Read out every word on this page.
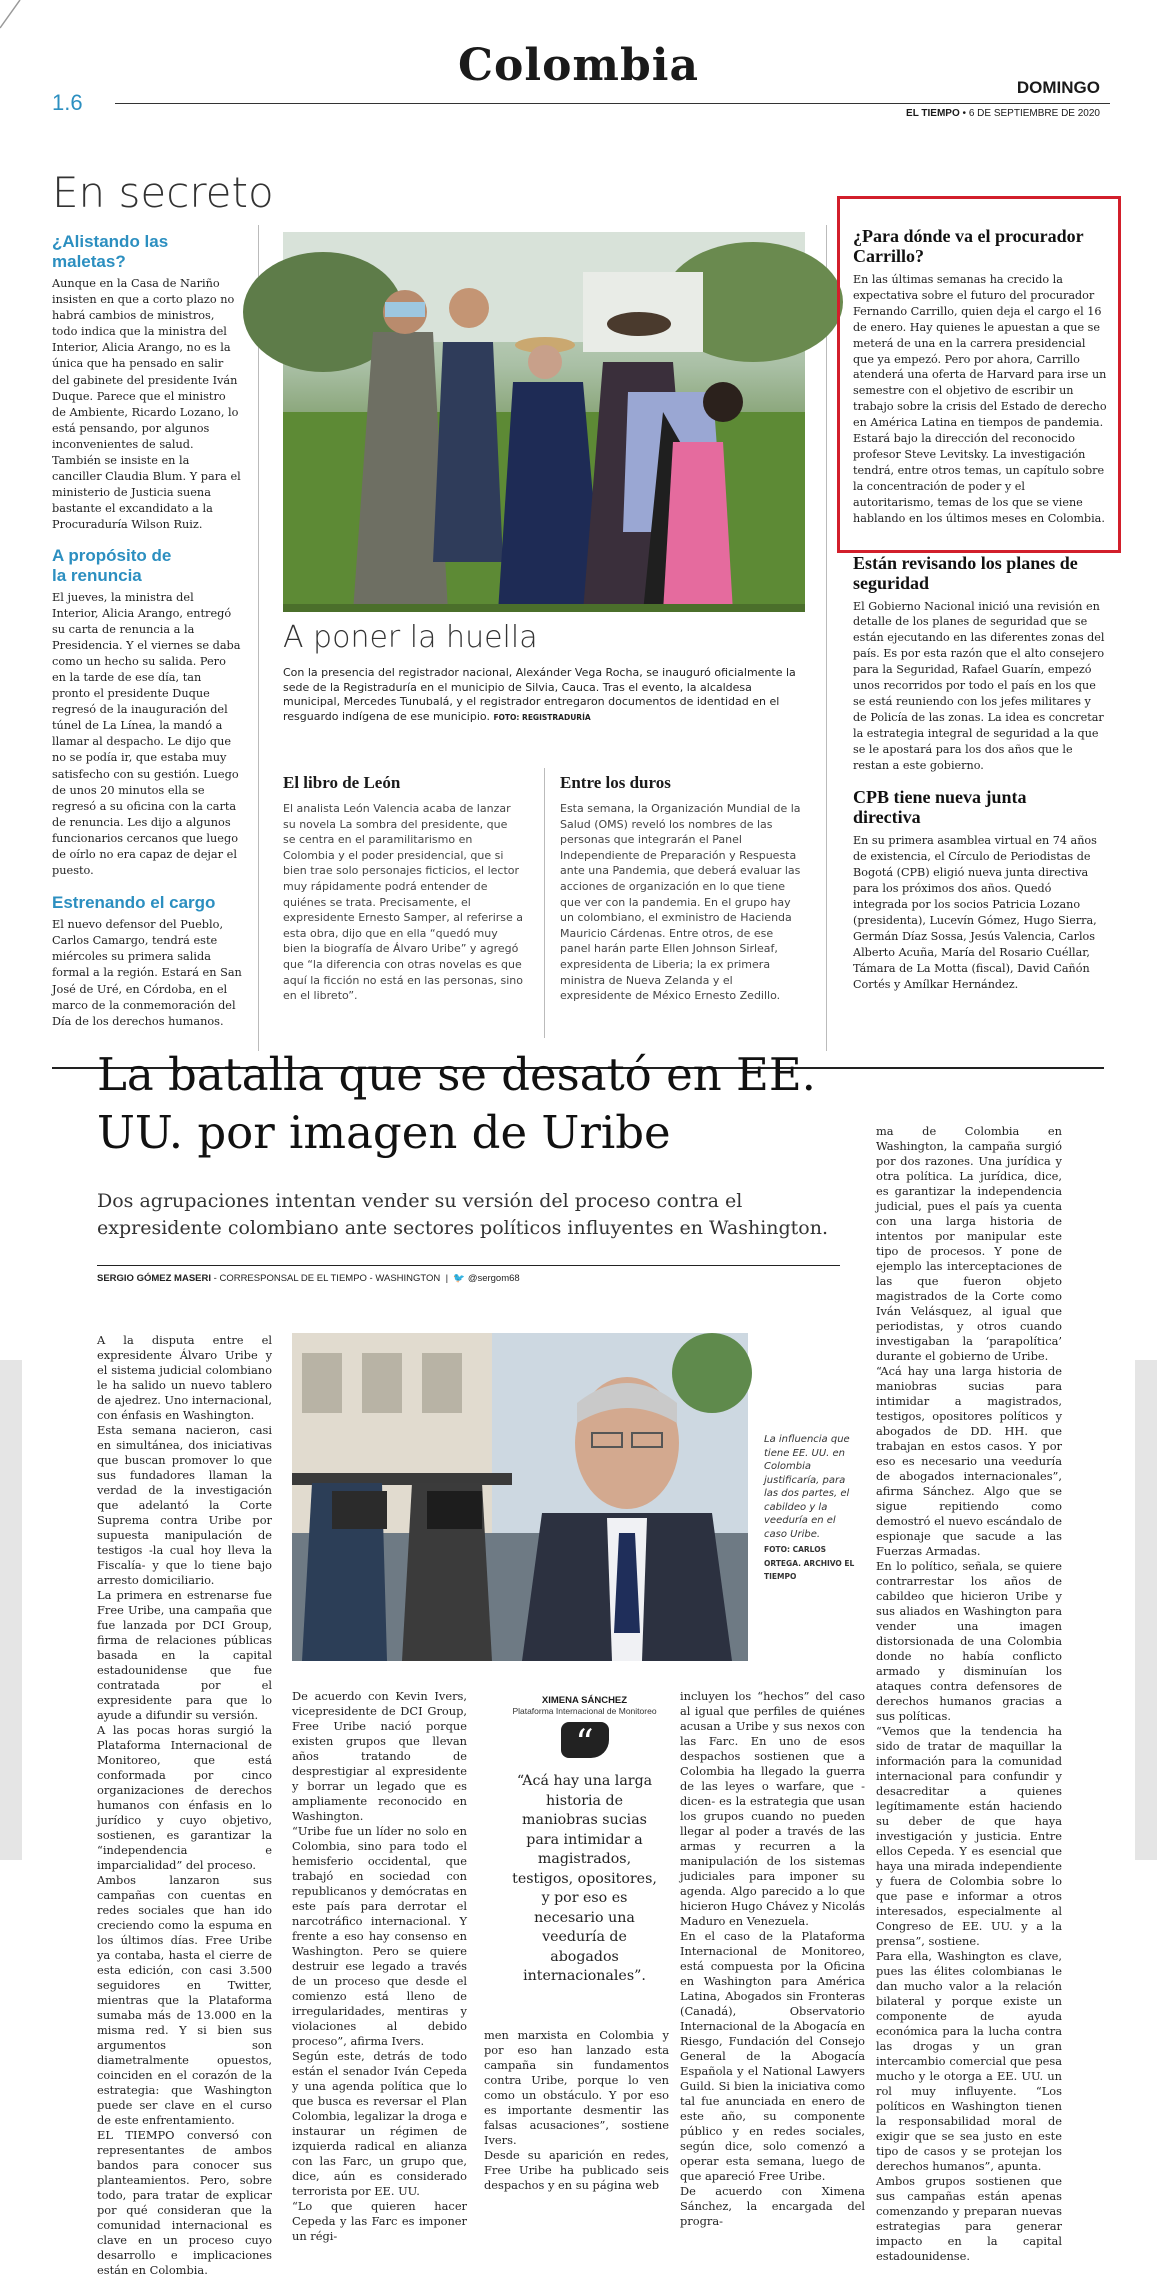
Colombia
1.6
DOMINGO
EL TIEMPO • 6 DE SEPTIEMBRE DE 2020
En secreto
¿Alistando las maletas?
Aunque en la Casa de Nariño insisten en que a corto plazo no habrá cambios de ministros, todo indica que la ministra del Interior, Alicia Arango, no es la única que ha pensado en salir del gabinete del presidente Iván Duque. Parece que el ministro de Ambiente, Ricardo Lozano, lo está pensando, por algunos inconvenientes de salud. También se insiste en la canciller Claudia Blum. Y para el ministerio de Justicia suena bastante el excandidato a la Procuraduría Wilson Ruiz.
A propósito de la renuncia
El jueves, la ministra del Interior, Alicia Arango, entregó su carta de renuncia a la Presidencia. Y el viernes se daba como un hecho su salida. Pero en la tarde de ese día, tan pronto el presidente Duque regresó de la inauguración del túnel de La Línea, la mandó a llamar al despacho. Le dijo que no se podía ir, que estaba muy satisfecho con su gestión. Luego de unos 20 minutos ella se regresó a su oficina con la carta de renuncia. Les dijo a algunos funcionarios cercanos que luego de oírlo no era capaz de dejar el puesto.
Estrenando el cargo
El nuevo defensor del Pueblo, Carlos Camargo, tendrá este miércoles su primera salida formal a la región. Estará en San José de Uré, en Córdoba, en el marco de la conmemoración del Día de los derechos humanos.
A poner la huella
Con la presencia del registrador nacional, Alexánder Vega Rocha, se inauguró oficialmente la sede de la Registraduría en el municipio de Silvia, Cauca. Tras el evento, la alcaldesa municipal, Mercedes Tunubalá, y el registrador entregaron documentos de identidad en el resguardo indígena de ese municipio. FOTO: REGISTRADURÍA
El libro de León
El analista León Valencia acaba de lanzar su novela La sombra del presidente, que se centra en el paramilitarismo en Colombia y el poder presidencial, que si bien trae solo personajes ficticios, el lector muy rápidamente podrá entender de quiénes se trata. Precisamente, el expresidente Ernesto Samper, al referirse a esta obra, dijo que en ella “quedó muy bien la biografía de Álvaro Uribe” y agregó que “la diferencia con otras novelas es que aquí la ficción no está en las personas, sino en el libreto”.
Entre los duros
Esta semana, la Organización Mundial de la Salud (OMS) reveló los nombres de las personas que integrarán el Panel Independiente de Preparación y Respuesta ante una Pandemia, que deberá evaluar las acciones de organización en lo que tiene que ver con la pandemia. En el grupo hay un colombiano, el exministro de Hacienda Mauricio Cárdenas. Entre otros, de ese panel harán parte Ellen Johnson Sirleaf, expresidenta de Liberia; la ex primera ministra de Nueva Zelanda y el expresidente de México Ernesto Zedillo.
¿Para dónde va el procurador Carrillo?
En las últimas semanas ha crecido la expectativa sobre el futuro del procurador Fernando Carrillo, quien deja el cargo el 16 de enero. Hay quienes le apuestan a que se meterá de una en la carrera presidencial que ya empezó. Pero por ahora, Carrillo atenderá una oferta de Harvard para irse un semestre con el objetivo de escribir un trabajo sobre la crisis del Estado de derecho en América Latina en tiempos de pandemia. Estará bajo la dirección del reconocido profesor Steve Levitsky. La investigación tendrá, entre otros temas, un capítulo sobre la concentración de poder y el autoritarismo, temas de los que se viene hablando en los últimos meses en Colombia.
Están revisando los planes de seguridad
El Gobierno Nacional inició una revisión en detalle de los planes de seguridad que se están ejecutando en las diferentes zonas del país. Es por esta razón que el alto consejero para la Seguridad, Rafael Guarín, empezó unos recorridos por todo el país en los que se está reuniendo con los jefes militares y de Policía de las zonas. La idea es concretar la estrategia integral de seguridad a la que se le apostará para los dos años que le restan a este gobierno.
CPB tiene nueva junta directiva
En su primera asamblea virtual en 74 años de existencia, el Círculo de Periodistas de Bogotá (CPB) eligió nueva junta directiva para los próximos dos años. Quedó integrada por los socios Patricia Lozano (presidenta), Lucevín Gómez, Hugo Sierra, Germán Díaz Sossa, Jesús Valencia, Carlos Alberto Acuña, María del Rosario Cuéllar, Támara de La Motta (fiscal), David Cañón Cortés y Amílkar Hernández.
La batalla que se desató en EE. UU. por imagen de Uribe
Dos agrupaciones intentan vender su versión del proceso contra el expresidente colombiano ante sectores políticos influyentes en Washington.
SERGIO GÓMEZ MASERI - CORRESPONSAL DE EL TIEMPO - WASHINGTON  |  🐦 @sergom68
A la disputa entre el expresidente Álvaro Uribe y el sistema judicial colombiano le ha salido un nuevo tablero de ajedrez. Uno internacional, con énfasis en Washington.
Esta semana nacieron, casi en simultánea, dos iniciativas que buscan promover lo que sus fundadores llaman la verdad de la investigación que adelantó la Corte Suprema contra Uribe por supuesta manipulación de testigos -la cual hoy lleva la Fiscalía- y que lo tiene bajo arresto domiciliario.
La primera en estrenarse fue Free Uribe, una campaña que fue lanzada por DCI Group, firma de relaciones públicas basada en la capital estadounidense que fue contratada por el expresidente para que lo ayude a difundir su versión.
A las pocas horas surgió la Plataforma Internacional de Monitoreo, que está conformada por cinco organizaciones de derechos humanos con énfasis en lo jurídico y cuyo objetivo, sostienen, es garantizar la “independencia e imparcialidad” del proceso.
Ambos lanzaron sus campañas con cuentas en redes sociales que han ido creciendo como la espuma en los últimos días. Free Uribe ya contaba, hasta el cierre de esta edición, con casi 3.500 seguidores en Twitter, mientras que la Plataforma sumaba más de 13.000 en la misma red. Y si bien sus argumentos son diametralmente opuestos, coinciden en el corazón de la estrategia: que Washington puede ser clave en el curso de este enfrentamiento.
EL TIEMPO conversó con representantes de ambos bandos para conocer sus planteamientos. Pero, sobre todo, para tratar de explicar por qué consideran que la comunidad internacional es clave en un proceso cuyo desarrollo e implicaciones están en Colombia.
La influencia que tiene EE. UU. en Colombia justificaría, para las dos partes, el cabildeo y la veeduría en el caso Uribe.
FOTO: CARLOS ORTEGA. ARCHIVO EL TIEMPO
De acuerdo con Kevin Ivers, vicepresidente de DCI Group, Free Uribe nació porque existen grupos que llevan años tratando de desprestigiar al expresidente y borrar un legado que es ampliamente reconocido en Washington.
“Uribe fue un líder no solo en Colombia, sino para todo el hemisferio occidental, que trabajó en sociedad con republicanos y demócratas en este país para derrotar el narcotráfico internacional. Y frente a eso hay consenso en Washington. Pero se quiere destruir ese legado a través de un proceso que desde el comienzo está lleno de irregularidades, mentiras y violaciones al debido proceso”, afirma Ivers.
Según este, detrás de todo están el senador Iván Cepeda y una agenda política que lo que busca es reversar el Plan Colombia, legalizar la droga e instaurar un régimen de izquierda radical en alianza con las Farc, un grupo que, dice, aún es considerado terrorista por EE. UU.
“Lo que quieren hacer Cepeda y las Farc es imponer un régi-
XIMENA SÁNCHEZ
Plataforma Internacional de Monitoreo
“
“Acá hay una larga historia de maniobras sucias para intimidar a magistrados, testigos, opositores, y por eso es necesario una veeduría de abogados internacionales”.
men marxista en Colombia y por eso han lanzado esta campaña sin fundamentos contra Uribe, porque lo ven como un obstáculo. Y por eso es importante desmentir las falsas acusaciones”, sostiene Ivers.
Desde su aparición en redes, Free Uribe ha publicado seis despachos y en su página web
incluyen los “hechos” del caso al igual que perfiles de quiénes acusan a Uribe y sus nexos con las Farc. En uno de esos despachos sostienen que a Colombia ha llegado la guerra de las leyes o warfare, que -dicen- es la estrategia que usan los grupos cuando no pueden llegar al poder a través de las armas y recurren a la manipulación de los sistemas judiciales para imponer su agenda. Algo parecido a lo que hicieron Hugo Chávez y Nicolás Maduro en Venezuela.
En el caso de la Plataforma Internacional de Monitoreo, está compuesta por la Oficina en Washington para América Latina, Abogados sin Fronteras (Canadá), Observatorio Internacional de la Abogacía en Riesgo, Fundación del Consejo General de la Abogacía Española y el National Lawyers Guild. Si bien la iniciativa como tal fue anunciada en enero de este año, su componente público y en redes sociales, según dice, solo comenzó a operar esta semana, luego de que apareció Free Uribe.
De acuerdo con Ximena Sánchez, la encargada del progra-
ma de Colombia en Washington, la campaña surgió por dos razones. Una jurídica y otra política. La jurídica, dice, es garantizar la independencia judicial, pues el país ya cuenta con una larga historia de intentos por manipular este tipo de procesos. Y pone de ejemplo las interceptaciones de las que fueron objeto magistrados de la Corte como Iván Velásquez, al igual que periodistas, y otros cuando investigaban la ‘parapolítica’ durante el gobierno de Uribe.
“Acá hay una larga historia de maniobras sucias para intimidar a magistrados, testigos, opositores políticos y abogados de DD. HH. que trabajan en estos casos. Y por eso es necesario una veeduría de abogados internacionales”, afirma Sánchez. Algo que se sigue repitiendo como demostró el nuevo escándalo de espionaje que sacude a las Fuerzas Armadas.
En lo político, señala, se quiere contrarrestar los años de cabildeo que hicieron Uribe y sus aliados en Washington para vender una imagen distorsionada de una Colombia donde no había conflicto armado y disminuían los ataques contra defensores de derechos humanos gracias a sus políticas.
“Vemos que la tendencia ha sido de tratar de maquillar la información para la comunidad internacional para confundir y desacreditar a quienes legítimamente están haciendo su deber de que haya investigación y justicia. Entre ellos Cepeda. Y es esencial que haya una mirada independiente y fuera de Colombia sobre lo que pase e informar a otros interesados, especialmente al Congreso de EE. UU. y a la prensa”, sostiene.
Para ella, Washington es clave, pues las élites colombianas le dan mucho valor a la relación bilateral y porque existe un componente de ayuda económica para la lucha contra las drogas y un gran intercambio comercial que pesa mucho y le otorga a EE. UU. un rol muy influyente. “Los políticos en Washington tienen la responsabilidad moral de exigir que se sea justo en este tipo de casos y se protejan los derechos humanos”, apunta.
Ambos grupos sostienen que sus campañas están apenas comenzando y preparan nuevas estrategias para generar impacto en la capital estadounidense.
